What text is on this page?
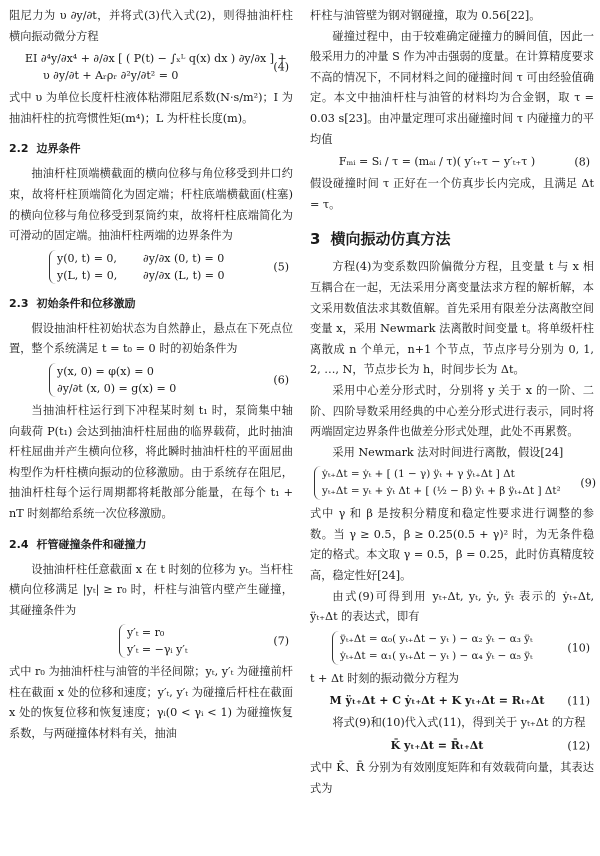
阻尼力为 υ ∂y/∂t，并将式(3)代入式(2)，则得抽油杆柱横向振动微分方程

EI ∂⁴y/∂x⁴ + ∂/∂x [ ( P(t) − ∫ₓᴸ q(x) dx ) ∂y/∂x ] +
υ ∂y/∂t + Aᵣρᵣ ∂²y/∂t² = 0
(4)

式中 υ 为单位长度杆柱液体粘滞阻尼系数(N·s/m²)；I 为抽油杆柱的抗弯惯性矩(m⁴)；L 为杆柱长度(m)。

2.2 边界条件

抽油杆柱顶端横截面的横向位移与角位移受到井口约束，故将杆柱顶端简化为固定端；杆柱底端横截面(柱塞)的横向位移与角位移受到泵筒约束，故将杆柱底端简化为可滑动的固定端。抽油杆柱两端的边界条件为

y(0, t) = 0, ∂y/∂x (0, t) = 0
y(L, t) = 0, ∂y/∂x (L, t) = 0
(5)
2.3 初始条件和位移激励

假设抽油杆柱初始状态为自然静止，悬点在下死点位置，整个系统满足 t = t₀ = 0 时的初始条件为

y(x, 0) = φ(x) = 0
∂y/∂t (x, 0) = g(x) = 0
(6)

当抽油杆柱运行到下冲程某时刻 t₁ 时，泵筒集中轴向载荷 P(t₁) 会达到抽油杆柱屈曲的临界载荷，此时抽油杆柱屈曲并产生横向位移，将此瞬时抽油杆柱的平面屈曲构型作为杆柱横向振动的位移激励。由于系统存在阻尼，抽油杆柱每个运行周期都将耗散部分能量，在每个 t₁ + nT 时刻都给系统一次位移激励。

2.4 杆管碰撞条件和碰撞力

设抽油杆柱任意截面 x 在 t 时刻的位移为 yₜ。当杆柱横向位移满足 |yₜ| ≥ r₀ 时，杆柱与油管内壁产生碰撞，其碰撞条件为

y′ₜ = r₀
y′ₜ = −γᵢ y′ₜ
(7)

式中 r₀ 为抽油杆柱与油管的半径间隙；yₜ, y′ₜ 为碰撞前杆柱在截面 x 处的位移和速度；y′ₜ, y′ₜ 为碰撞后杆柱在截面 x 处的恢复位移和恢复速度；γᵢ(0 < γᵢ < 1) 为碰撞恢复系数，与两碰撞体材料有关，抽油

杆柱与油管壁为钢对钢碰撞，取为 0.56[22]。

碰撞过程中，由于较难确定碰撞力的瞬间值，因此一般采用力的冲量 S 作为冲击强弱的度量。在计算精度要求不高的情况下，不同材料之间的碰撞时间 τ 可由经验值确定。本文中抽油杆柱与油管的材料均为合金钢，取 τ = 0.03 s[23]。由冲量定理可求出碰撞时间 τ 内碰撞力的平均值

Fₘᵢ = Sᵢ / τ = (mₐᵢ / τ)( y′ₜ₊τ − y′ₜ₊τ )	(8)

假设碰撞时间 τ 正好在一个仿真步长内完成，且满足 Δt = τ。

3 横向振动仿真方法

方程(4)为变系数四阶偏微分方程，且变量 t 与 x 相互耦合在一起，无法采用分离变量法求方程的解析解，本文采用数值法求其数值解。首先采用有限差分法离散空间变量 x，采用 Newmark 法离散时间变量 t。将单级杆柱离散成 n 个单元，n+1 个节点，节点序号分别为 0, 1, 2, …, N，节点步长为 h，时间步长为 Δt。

采用中心差分形式时，分别将 y 关于 x 的一阶、二阶、四阶导数采用经典的中心差分形式进行表示，同时将两端固定边界条件也做差分形式处理，此处不再累赘。

采用 Newmark 法对时间进行离散，假设[24]

ẏₜ₊Δt = ẏₜ + [ (1 − γ) ÿₜ + γ ÿₜ₊Δt ] Δt
yₜ₊Δt = yₜ + ẏₜ Δt + [ (½ − β) ÿₜ + β ÿₜ₊Δt ] Δt²
(9)

式中 γ 和 β 是按积分精度和稳定性要求进行调整的参数。当 γ ≥ 0.5，β ≥ 0.25(0.5 + γ)² 时，为无条件稳定的格式。本文取 γ = 0.5，β = 0.25，此时仿真精度较高，稳定性好[24]。

由式(9)可得到用 yₜ₊Δt, yₜ, ẏₜ, ÿₜ 表示的 ẏₜ₊Δt, ÿₜ₊Δt 的表达式，即有

ÿₜ₊Δt = α₀( yₜ₊Δt − yₜ ) − α₂ ẏₜ − α₃ ÿₜ
ẏₜ₊Δt = α₁( yₜ₊Δt − yₜ ) − α₄ ẏₜ − α₅ ÿₜ
(10)

t + Δt 时刻的振动微分方程为

M ÿₜ₊Δt + C ẏₜ₊Δt + K yₜ₊Δt = Rₜ₊Δt (11)

将式(9)和(10)代入式(11)，得到关于 yₜ₊Δt 的方程

K̄ yₜ₊Δt = R̄ₜ₊Δt	(12)

式中 K̄、R̄ 分别为有效刚度矩阵和有效载荷向量，其表达式为
